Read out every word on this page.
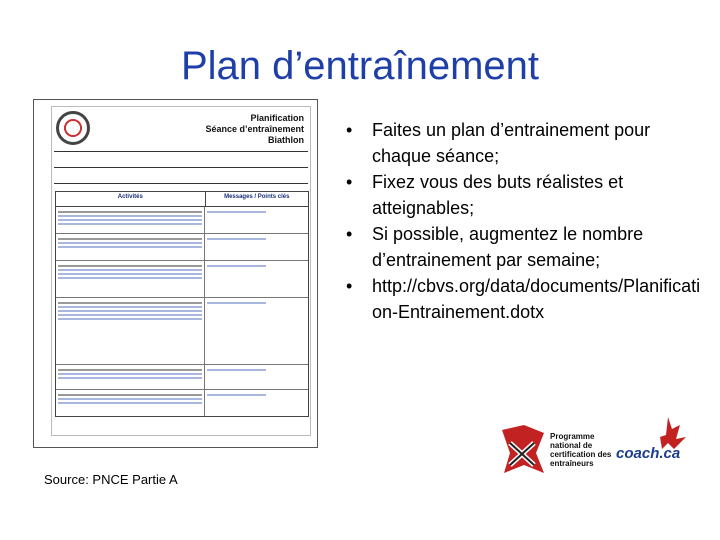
Plan d’entraînement
Planification
Séance d’entraînement
Biathlon
Activités	Messages / Points clés
• Faites un plan d’entrainement pour chaque séance;
• Fixez vous des buts réalistes et atteignables;
• Si possible, augmentez le nombre d’entrainement par semaine;
• http://cbvs.org/data/documents/Planification-Entrainement.dotx
Source: PNCE Partie A
Programme
national de
certification des
entraîneurs
coach.ca
